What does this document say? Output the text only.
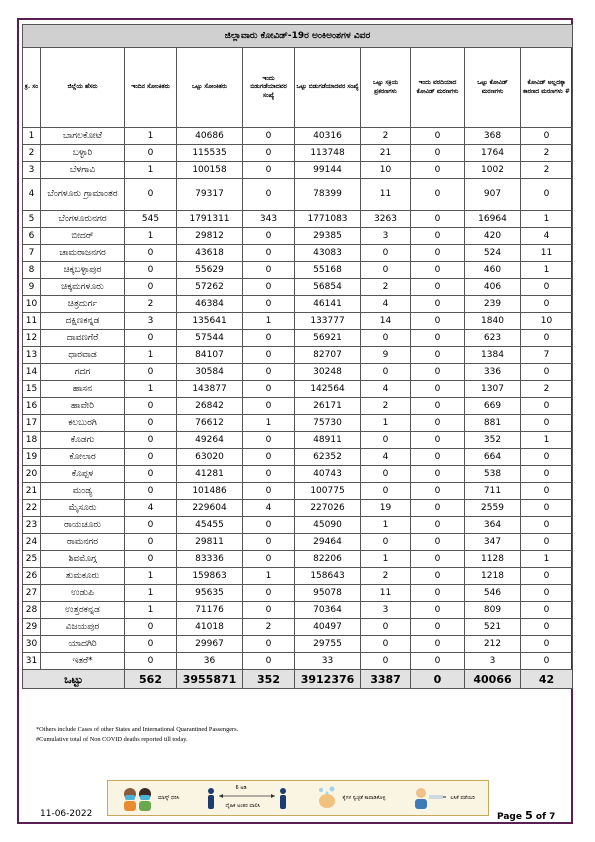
ಜಿಲ್ಲಾವಾರು ಕೋವಿಡ್-19ರ ಅಂಕಿಅಂಶಗಳ ವಿವರ									
ಕ್ರ. ಸಂ	ಜಿಲ್ಲೆಯ ಹೆಸರು	ಇಂದಿನ ಸೋಂಕಿತರು	ಒಟ್ಟು ಸೋಂಕಿತರು	ಇಂದು ಬಿಡುಗಡೆಯಾದವರ ಸಂಖ್ಯೆ	ಒಟ್ಟು ಬಿಡುಗಡೆಯಾದವರ ಸಂಖ್ಯೆ	ಒಟ್ಟು ಸಕ್ರಿಯ ಪ್ರಕರಣಗಳು	ಇಂದು ವರದಿಯಾದ ಕೋವಿಡ್ ಮರಣಗಳು	ಒಟ್ಟು ಕೋವಿಡ್ ಮರಣಗಳು	ಕೋವಿಡ್ ಅಲ್ಲದಕ್ಕಾ ಕಾರಣದ ಮರಣಗಳು #
1	ಬಾಗಲಕೋಟೆ	1	40686	0	40316	2	0	368	0
2	ಬಳ್ಳಾರಿ	0	115535	0	113748	21	0	1764	2
3	ಬೆಳಗಾವಿ	1	100158	0	99144	10	0	1002	2
4	ಬೆಂಗಳೂರು ಗ್ರಾಮಾಂತರ	0	79317	0	78399	11	0	907	0
5	ಬೆಂಗಳೂರುನಗರ	545	1791311	343	1771083	3263	0	16964	1
6	ಬೀದರ್	1	29812	0	29385	3	0	420	4
7	ಚಾಮರಾಜನಗರ	0	43618	0	43083	0	0	524	11
8	ಚಿಕ್ಕಬಳ್ಳಾಪುರ	0	55629	0	55168	0	0	460	1
9	ಚಿಕ್ಕಮಗಳೂರು	0	57262	0	56854	2	0	406	0
10	ಚಿತ್ರದುರ್ಗ	2	46384	0	46141	4	0	239	0
11	ದಕ್ಷಿಣಕನ್ನಡ	3	135641	1	133777	14	0	1840	10
12	ದಾವಣಗೆರೆ	0	57544	0	56921	0	0	623	0
13	ಧಾರವಾಡ	1	84107	0	82707	9	0	1384	7
14	ಗದಗ	0	30584	0	30248	0	0	336	0
15	ಹಾಸನ	1	143877	0	142564	4	0	1307	2
16	ಹಾವೇರಿ	0	26842	0	26171	2	0	669	0
17	ಕಲಬುರಗಿ	0	76612	1	75730	1	0	881	0
18	ಕೊಡಗು	0	49264	0	48911	0	0	352	1
19	ಕೋಲಾರ	0	63020	0	62352	4	0	664	0
20	ಕೊಪ್ಪಳ	0	41281	0	40743	0	0	538	0
21	ಮಂಡ್ಯ	0	101486	0	100775	0	0	711	0
22	ಮೈಸೂರು	4	229604	4	227026	19	0	2559	0
23	ರಾಯಚೂರು	0	45455	0	45090	1	0	364	0
24	ರಾಮನಗರ	0	29811	0	29464	0	0	347	0
25	ಶಿವಮೊಗ್ಗ	0	83336	0	82206	1	0	1128	1
26	ತುಮಕೂರು	1	159863	1	158643	2	0	1218	0
27	ಉಡುಪಿ	1	95635	0	95078	11	0	546	0
28	ಉತ್ತರಕನ್ನಡ	1	71176	0	70364	3	0	809	0
29	ವಿಜಯಪುರ	0	41018	2	40497	0	0	521	0
30	ಯಾದಗಿರಿ	0	29967	0	29755	0	0	212	0
31	ಇತರೆ*	0	36	0	33	0	0	3	0
ಒಟ್ಟು		562	3955871	352	3912376	3387	0	40066	42
*Others include Cases of other States and International Quarantined Passengers.
#Cumulative total of Non COVID deaths reported till today.
ಮಾಸ್ಕ್ ಧರಿಸಿ
6 ಅಡಿ
ದೈಹಿಕ ಅಂತರ ಪಾಲಿಸಿ
ಕೈಗಳ ಸ್ವಚ್ಛತೆ ಕಾಪಾಡಿಕೊಳ್ಳಿ	ಲಸಿಕೆ ಪಡೆಯಿರಿ
11-06-2022	Page 5 of 7
